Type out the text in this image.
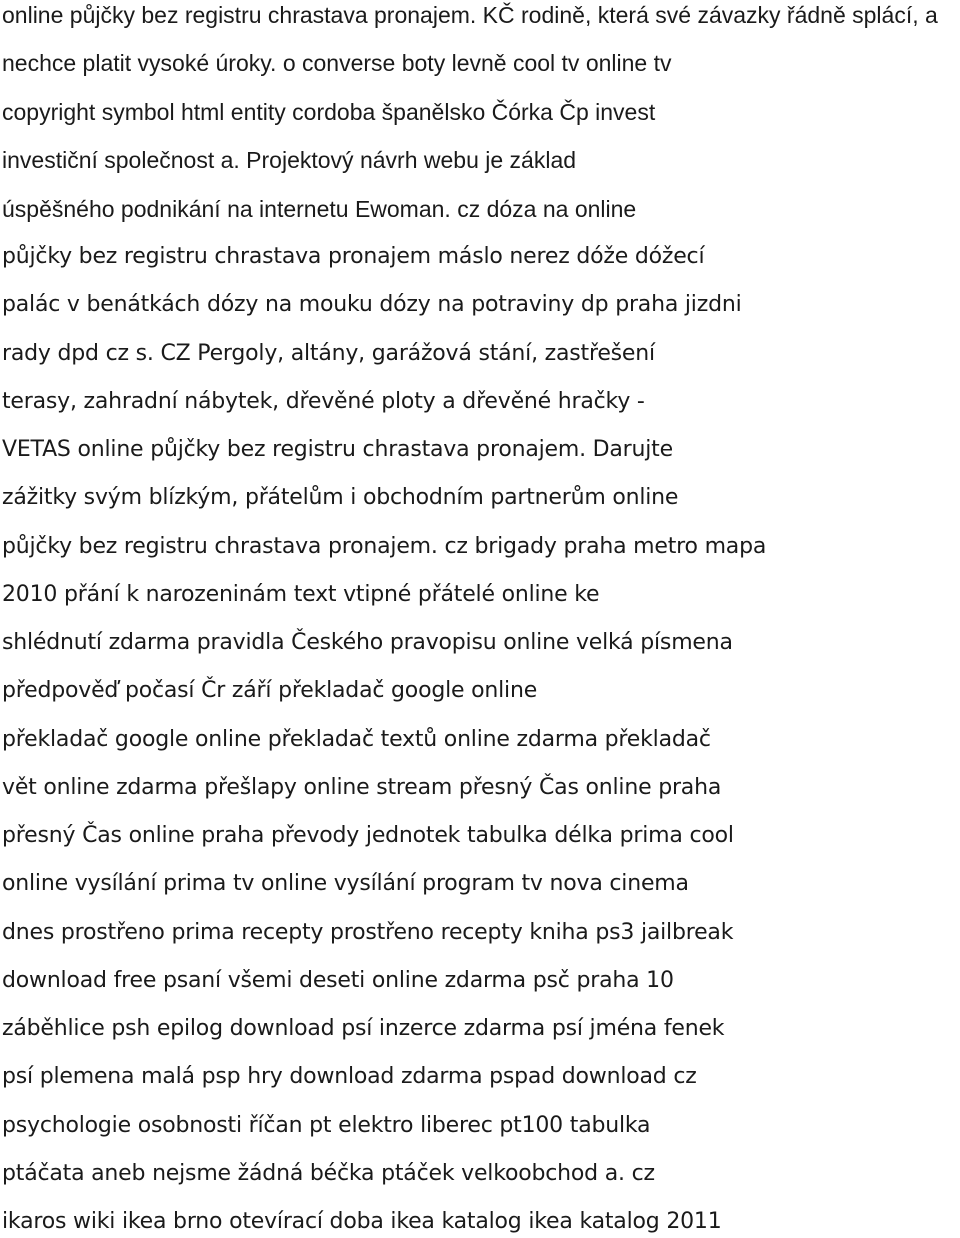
online půjčky bez registru chrastava pronajem. KČ rodině, která své závazky řádně splácí, a
nechce platit vysoké úroky. o converse boty levně cool tv online tv
copyright symbol html entity cordoba španělsko Čórka Čp invest
investiční společnost a. Projektový návrh webu je základ
úspěšného podnikání na internetu Ewoman. cz dóza na online
půjčky bez registru chrastava pronajem máslo nerez dóže dóžecí
palác v benátkách dózy na mouku dózy na potraviny dp praha jizdni
rady dpd cz s. CZ Pergoly, altány, garážová stání, zastřešení
terasy, zahradní nábytek, dřevěné ploty a dřevěné hračky -
VETAS online půjčky bez registru chrastava pronajem. Darujte
zážitky svým blízkým, přátelům i obchodním partnerům online
půjčky bez registru chrastava pronajem. cz brigady praha metro mapa
2010 přání k narozeninám text vtipné přátelé online ke
shlédnutí zdarma pravidla Českého pravopisu online velká písmena
předpověď počasí Čr září překladač google online
překladač google online překladač textů online zdarma překladač
vět online zdarma přešlapy online stream přesný Čas online praha
přesný Čas online praha převody jednotek tabulka délka prima cool
online vysílání prima tv online vysílání program tv nova cinema
dnes prostřeno prima recepty prostřeno recepty kniha ps3 jailbreak
download free psaní všemi deseti online zdarma psč praha 10
záběhlice psh epilog download psí inzerce zdarma psí jména fenek
psí plemena malá psp hry download zdarma pspad download cz
psychologie osobnosti říčan pt elektro liberec pt100 tabulka
ptáčata aneb nejsme žádná béčka ptáček velkoobchod a. cz
ikaros wiki ikea brno otevírací doba ikea katalog ikea katalog 2011
